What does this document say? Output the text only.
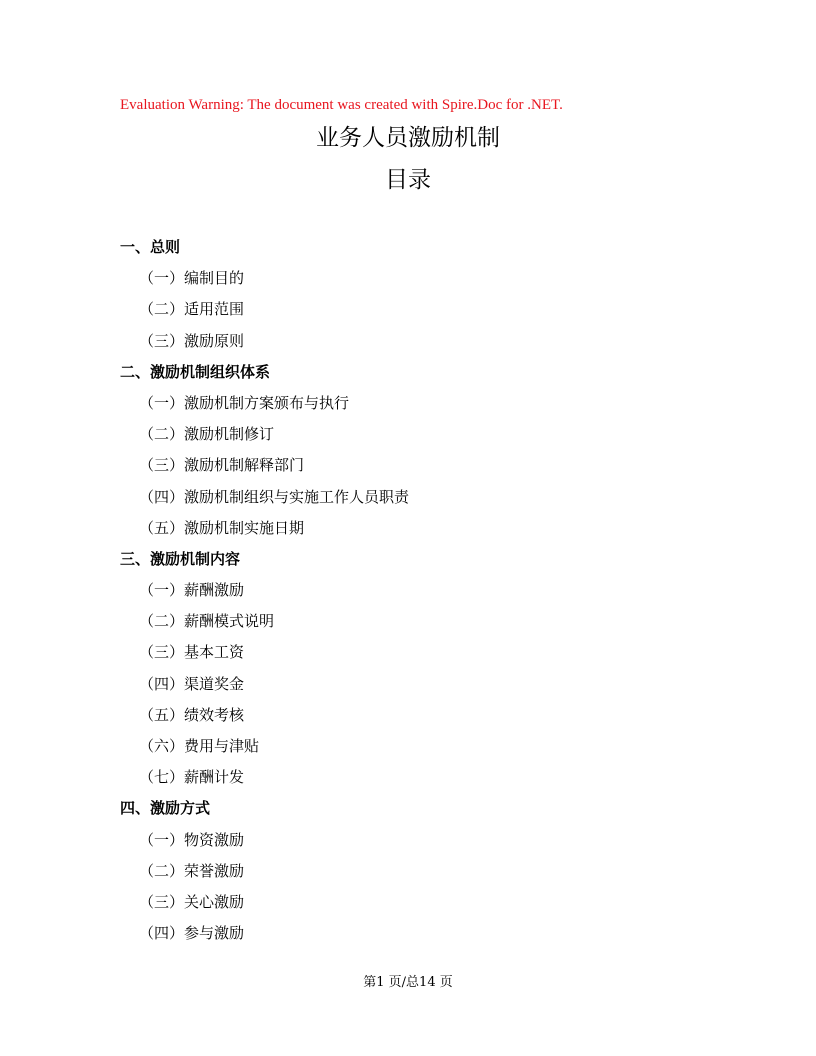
Evaluation Warning: The document was created with Spire.Doc for .NET.
业务人员激励机制
目录
一、总则
（一）编制目的
（二）适用范围
（三）激励原则
二、激励机制组织体系
（一）激励机制方案颁布与执行
（二）激励机制修订
（三）激励机制解释部门
（四）激励机制组织与实施工作人员职责
（五）激励机制实施日期
三、激励机制内容
（一）薪酬激励
（二）薪酬模式说明
（三）基本工资
（四）渠道奖金
（五）绩效考核
（六）费用与津贴
（七）薪酬计发
四、激励方式
（一）物资激励
（二）荣誉激励
（三）关心激励
（四）参与激励
第1 页/总14 页
